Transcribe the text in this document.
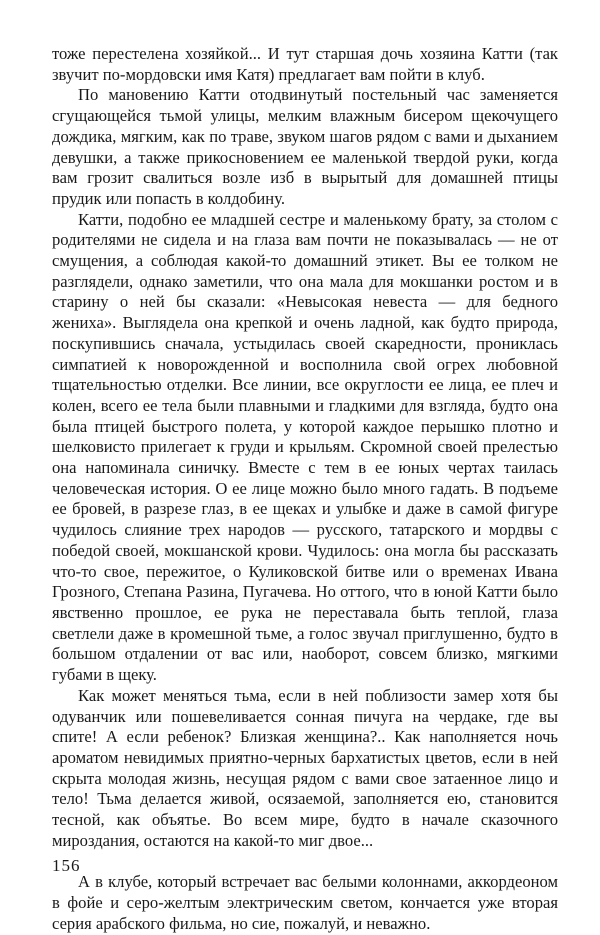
тоже перестелена хозяйкой... И тут старшая дочь хозяина Катти (так звучит по-мордовски имя Катя) предлагает вам пойти в клуб.

По мановению Катти отодвинутый постельный час заменяется сгущающейся тьмой улицы, мелким влажным бисером щекочущего дождика, мягким, как по траве, звуком шагов рядом с вами и дыханием девушки, а также прикосновением ее маленькой твердой руки, когда вам грозит свалиться возле изб в вырытый для домашней птицы прудик или попасть в колдобину.

Катти, подобно ее младшей сестре и маленькому брату, за столом с родителями не сидела и на глаза вам почти не показывалась — не от смущения, а соблюдая какой-то домашний этикет. Вы ее толком не разглядели, однако заметили, что она мала для мокшанки ростом и в старину о ней бы сказали: «Невысокая невеста — для бедного жениха». Выглядела она крепкой и очень ладной, как будто природа, поскупившись сначала, устыдилась своей скаредности, прониклась симпатией к новорожденной и восполнила свой огрех любовной тщательностью отделки. Все линии, все округлости ее лица, ее плеч и колен, всего ее тела были плавными и гладкими для взгляда, будто она была птицей быстрого полета, у которой каждое перышко плотно и шелковисто прилегает к груди и крыльям. Скромной своей прелестью она напоминала синичку. Вместе с тем в ее юных чертах таилась человеческая история. О ее лице можно было много гадать. В подъеме ее бровей, в разрезе глаз, в ее щеках и улыбке и даже в самой фигуре чудилось слияние трех народов — русского, татарского и мордвы с победой своей, мокшанской крови. Чудилось: она могла бы рассказать что-то свое, пережитое, о Куликовской битве или о временах Ивана Грозного, Степана Разина, Пугачева. Но оттого, что в юной Катти было явственно прошлое, ее рука не переставала быть теплой, глаза светлели даже в кромешной тьме, а голос звучал приглушенно, будто в большом отдалении от вас или, наоборот, совсем близко, мягкими губами в щеку.

Как может меняться тьма, если в ней поблизости замер хотя бы одуванчик или пошевеливается сонная пичуга на чердаке, где вы спите! А если ребенок? Близкая женщина?.. Как наполняется ночь ароматом невидимых приятно-черных бархатистых цветов, если в ней скрыта молодая жизнь, несущая рядом с вами свое затаенное лицо и тело! Тьма делается живой, осязаемой, заполняется ею, становится тесной, как объятье. Во всем мире, будто в начале сказочного мироздания, остаются на какой-то миг двое...

А в клубе, который встречает вас белыми колоннами, аккордеоном в фойе и серо-желтым электрическим светом, кончается уже вторая серия арабского фильма, но сие, пожалуй, и неважно.

156
